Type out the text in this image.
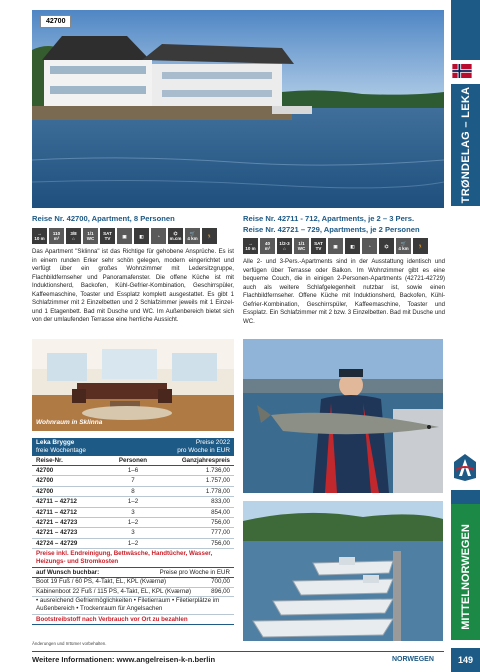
TRØNDELAG – LEKA
MITTELNORWEGEN
149
42700
Reise Nr. 42700, Apartment, 8 Personen
→
10 m
110
m²
3/8
⌂
1/1
WC
SAT
TV	▣	◧	◔	⌬
m.cm
🛒
4 km 🏃
Das Apartment "Sklinna" ist das Richtige für gehobene Ansprüche. Es ist in einem runden Erker sehr schön gelegen, modern eingerichtet und verfügt über ein großes Wohnzimmer mit Ledersitzgruppe, Flachbildfernseher und Panoramafenster. Die offene Küche ist mit Induktionsherd, Backofen, Kühl-Gefrier-Kombination, Geschirrspüler, Kaffeemaschine, Toaster und Essplatz komplett ausgestattet. Es gibt 1 Schlafzimmer mit 2 Einzelbetten und 2 Schlafzimmer jeweils mit 1 Einzel- und 1 Etagenbett. Bad mit Dusche und WC. Im Außenbereich bietet sich von der umlaufenden Terrasse eine herrliche Aussicht.
Reise Nr. 42711 - 712, Apartments, je 2 – 3 Pers.
Reise Nr. 42721 – 729, Apartments, je 2 Personen
→
10 m
40
m²
1/2-3
⌂
1/1
WC
SAT
TV	▣	◧	◔	⌬	🛒
4 km 🏃
Alle 2- und 3-Pers.-Apartments sind in der Ausstattung identisch und verfügen über Terrasse oder Balkon. Im Wohnzimmer gibt es eine bequeme Couch, die in einigen 2-Personen-Apartments (42721-42729) auch als weitere Schlafgelegenheit nutzbar ist, sowie einen Flachbildfernseher. Offene Küche mit Induktionsherd, Backofen, Kühl-Gefrier-Kombination, Geschirrspüler, Kaffeemaschine, Toaster und Essplatz. Ein Schlafzimmer mit 2 bzw. 3 Einzelbetten. Bad mit Dusche und WC.
Wohnraum in Sklinna
Leka Brygge
freie Wochentage
Preise 2022
pro Woche in EUR
Reise-Nr.	Personen	Ganzjahrespreis
42700	1–6	1.736,00
42700	7	1.757,00
42700	8	1.778,00
42711 – 42712	1–2	833,00
42711 – 42712	3	854,00
42721 – 42723	1–2	756,00
42721 – 42723	3	777,00
42724 – 42729	1–2	756,00
Preise inkl. Endreinigung, Bettwäsche, Handtücher, Wasser, Heizungs- und Stromkosten
auf Wunsch buchbar:	Preise pro Woche in EUR
Boot 19 Fuß / 60 PS, 4-Takt, EL, KPL (Kværnø)	700,00
Kabinenboot 22 Fuß / 115 PS, 4-Takt, EL, KPL (Kværnø)	896,00
• ausreichend Gefriermöglichkeiten • Filetierraum • Filetierplätze im Außenbereich • Trockenraum für Angelsachen
Bootstreibstoff nach Verbrauch vor Ort zu bezahlen
Änderungen und Irrtümer vorbehalten.
Weitere Informationen: www.angelreisen-k-n.berlin	NORWEGEN
